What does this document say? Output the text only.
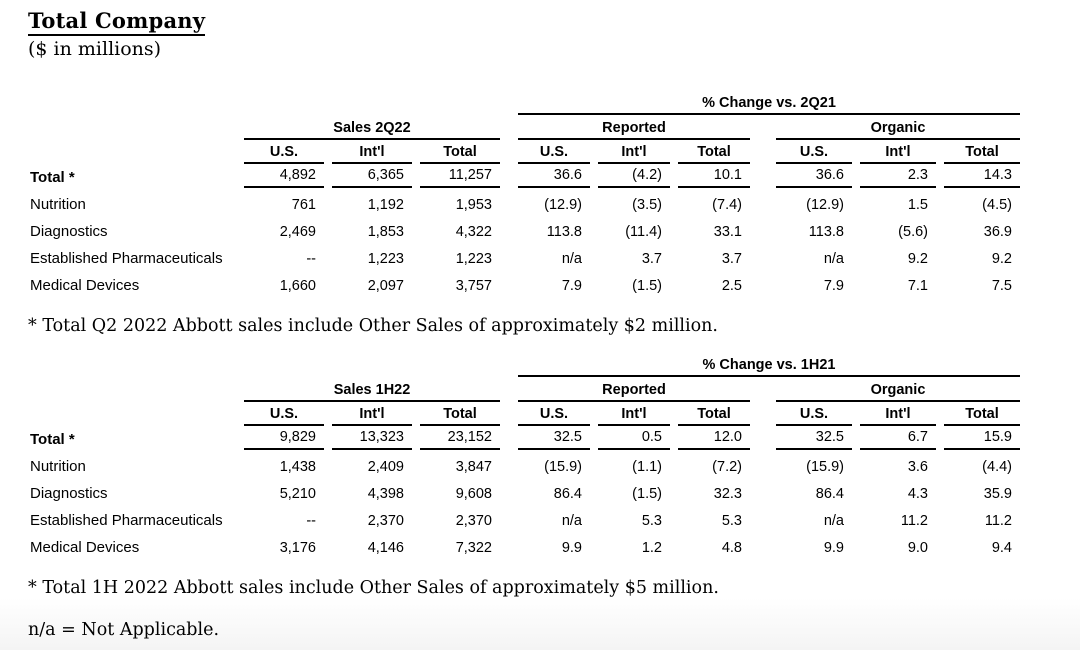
Total Company
($ in millions)

					% Change vs. 2Q21						

	Sales 2Q22				Reported				Organic		

	U.S.	Int'l	Total		U.S.	Int'l	Total		U.S.	Int'l	Total

Total *	4,892	6,365	11,257		36.6	(4.2)	10.1		36.6	2.3	14.3

Nutrition	761	1,192	1,953		(12.9)	(3.5)	(7.4)		(12.9)	1.5	(4.5)

Diagnostics	2,469	1,853	4,322		113.8	(11.4)	33.1		113.8	(5.6)	36.9

Established Pharmaceuticals	--	1,223	1,223		n/a	3.7	3.7		n/a	9.2	9.2

Medical Devices	1,660	2,097	3,757		7.9	(1.5)	2.5		7.9	7.1	7.5
* Total Q2 2022 Abbott sales include Other Sales of approximately $2 million.

					% Change vs. 1H21						

	Sales 1H22				Reported				Organic		

	U.S.	Int'l	Total		U.S.	Int'l	Total		U.S.	Int'l	Total

Total *	9,829	13,323	23,152		32.5	0.5	12.0		32.5	6.7	15.9

Nutrition	1,438	2,409	3,847		(15.9)	(1.1)	(7.2)		(15.9)	3.6	(4.4)

Diagnostics	5,210	4,398	9,608		86.4	(1.5)	32.3		86.4	4.3	35.9

Established Pharmaceuticals	--	2,370	2,370		n/a	5.3	5.3		n/a	11.2	11.2

Medical Devices	3,176	4,146	7,322		9.9	1.2	4.8		9.9	9.0	9.4
* Total 1H 2022 Abbott sales include Other Sales of approximately $5 million.
n/a = Not Applicable.
